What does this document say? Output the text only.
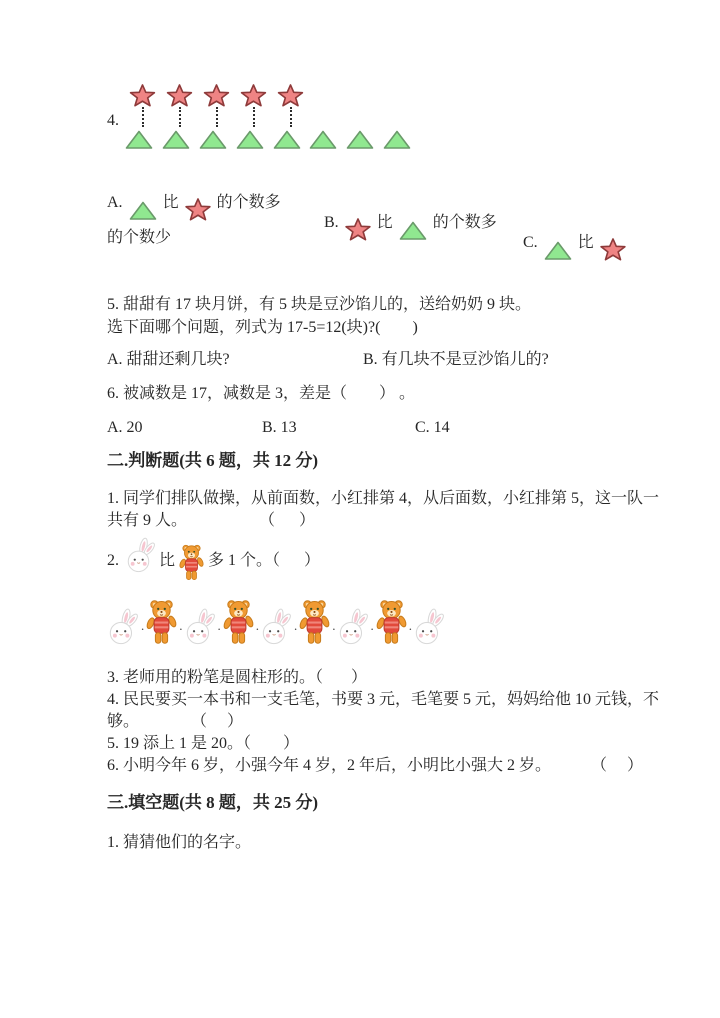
4.

A.	比 的个数多

B. 比	的个数多

C.	比

的个数少
5. 甜甜有 17 块月饼，有 5 块是豆沙馅儿的，送给奶奶 9 块。
选下面哪个问题，列式为 17-5=12(块)?(        )
A. 甜甜还剩几块?	B. 有几块不是豆沙馅儿的?
6. 被减数是 17，减数是 3，差是（        ） 。
A. 20	B. 13	C. 14
二.判断题(共 6 题，共 12 分)
1. 同学们排队做操，从前面数，小红排第 4，从后面数，小红排第 5，这一队一
共有 9 人。                  （      ）
2.
比 多 1 个。（      ）
.	.	.	.	.	.	.	.
3. 老师用的粉笔是圆柱形的。（       ）
4. 民民要买一本书和一支毛笔，书要 3 元，毛笔要 5 元，妈妈给他 10 元钱，不
够。             （     ）
5. 19 添上 1 是 20。（        ）
6. 小明今年 6 岁，小强今年 4 岁，2 年后，小明比小强大 2 岁。          （     ）
三.填空题(共 8 题，共 25 分)
1. 猜猜他们的名字。
